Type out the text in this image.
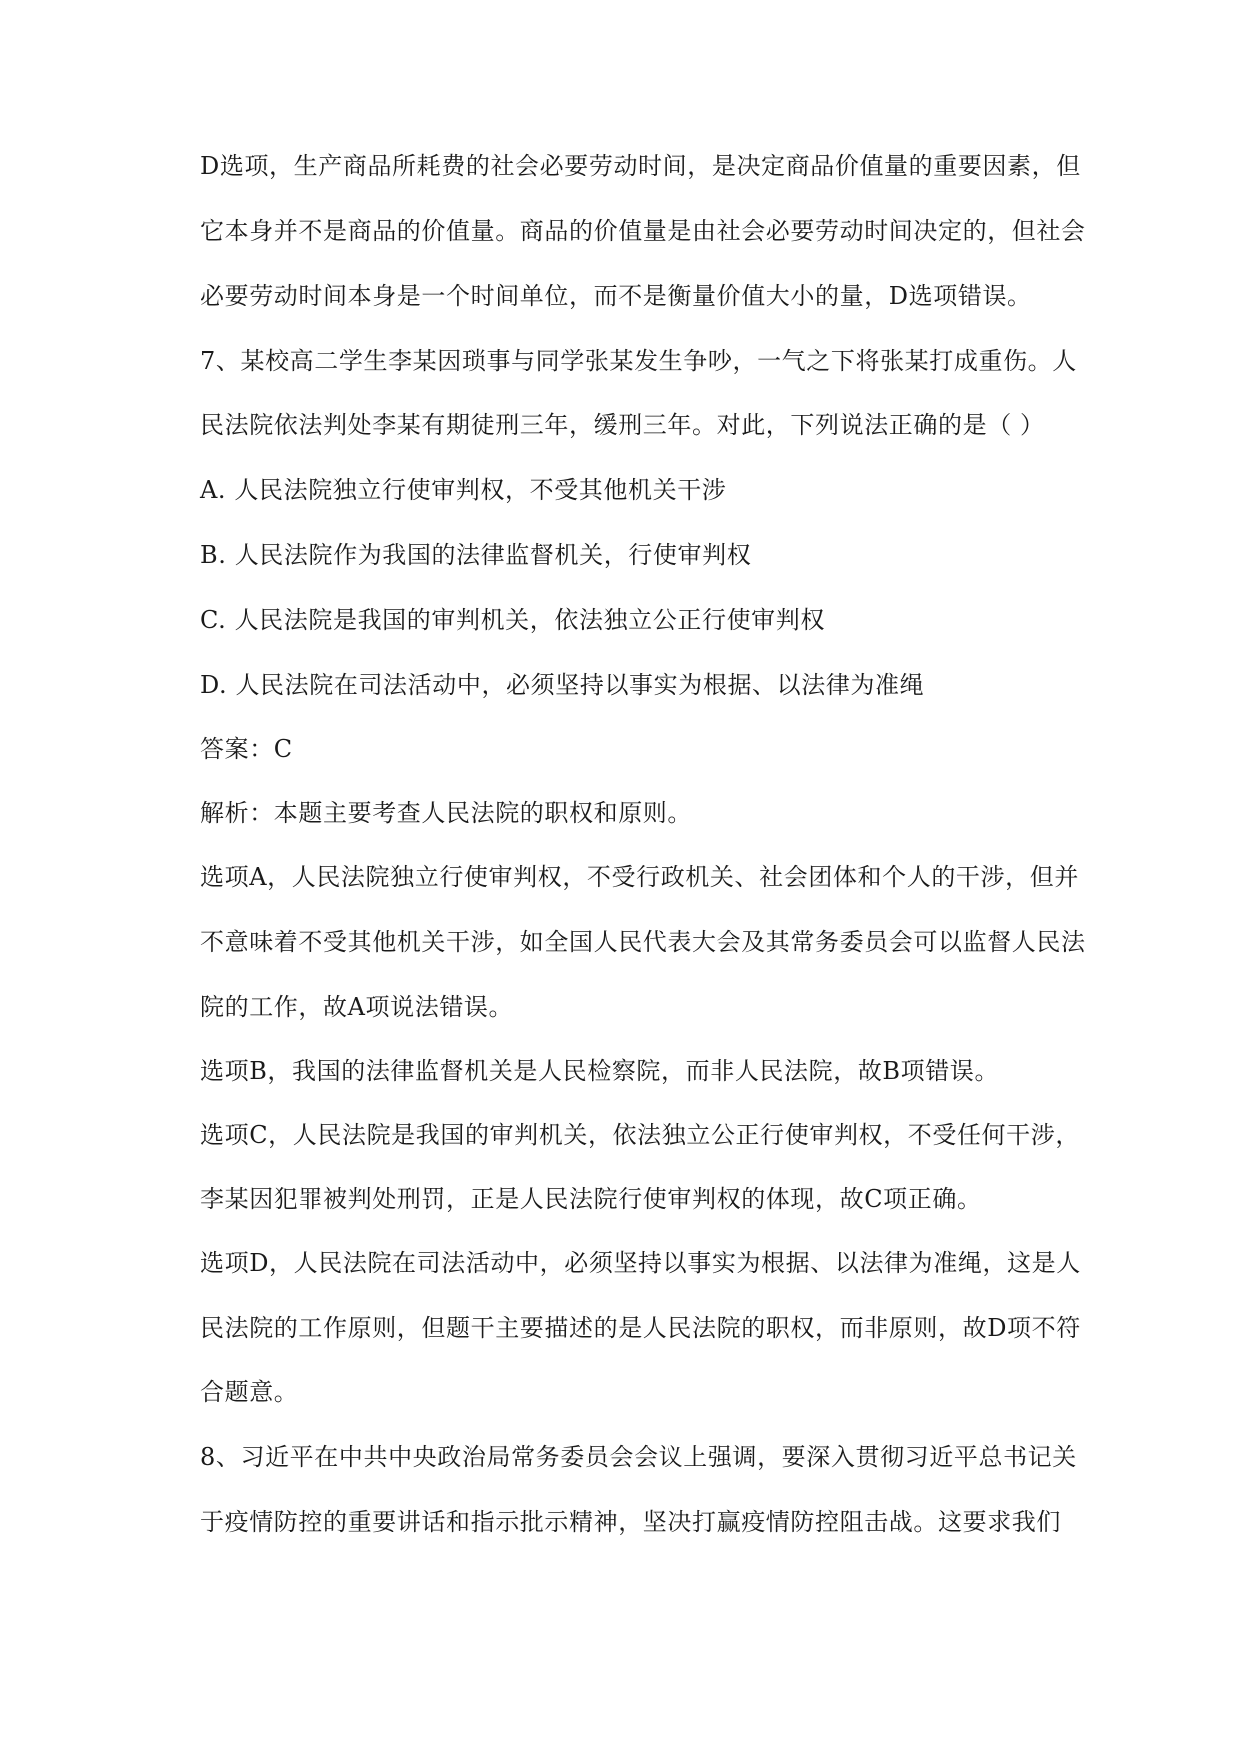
D选项，生产商品所耗费的社会必要劳动时间，是决定商品价值量的重要因素，但
它本身并不是商品的价值量。商品的价值量是由社会必要劳动时间决定的，但社会
必要劳动时间本身是一个时间单位，而不是衡量价值大小的量，D选项错误。
7、某校高二学生李某因琐事与同学张某发生争吵，一气之下将张某打成重伤。人
民法院依法判处李某有期徒刑三年，缓刑三年。对此，下列说法正确的是（ ）
A. 人民法院独立行使审判权，不受其他机关干涉
B. 人民法院作为我国的法律监督机关，行使审判权
C. 人民法院是我国的审判机关，依法独立公正行使审判权
D. 人民法院在司法活动中，必须坚持以事实为根据、以法律为准绳
答案：C
解析：本题主要考查人民法院的职权和原则。
选项A，人民法院独立行使审判权，不受行政机关、社会团体和个人的干涉，但并
不意味着不受其他机关干涉，如全国人民代表大会及其常务委员会可以监督人民法
院的工作，故A项说法错误。
选项B，我国的法律监督机关是人民检察院，而非人民法院，故B项错误。
选项C，人民法院是我国的审判机关，依法独立公正行使审判权，不受任何干涉，
李某因犯罪被判处刑罚，正是人民法院行使审判权的体现，故C项正确。
选项D，人民法院在司法活动中，必须坚持以事实为根据、以法律为准绳，这是人
民法院的工作原则，但题干主要描述的是人民法院的职权，而非原则，故D项不符
合题意。
8、习近平在中共中央政治局常务委员会会议上强调，要深入贯彻习近平总书记关
于疫情防控的重要讲话和指示批示精神，坚决打赢疫情防控阻击战。这要求我们
